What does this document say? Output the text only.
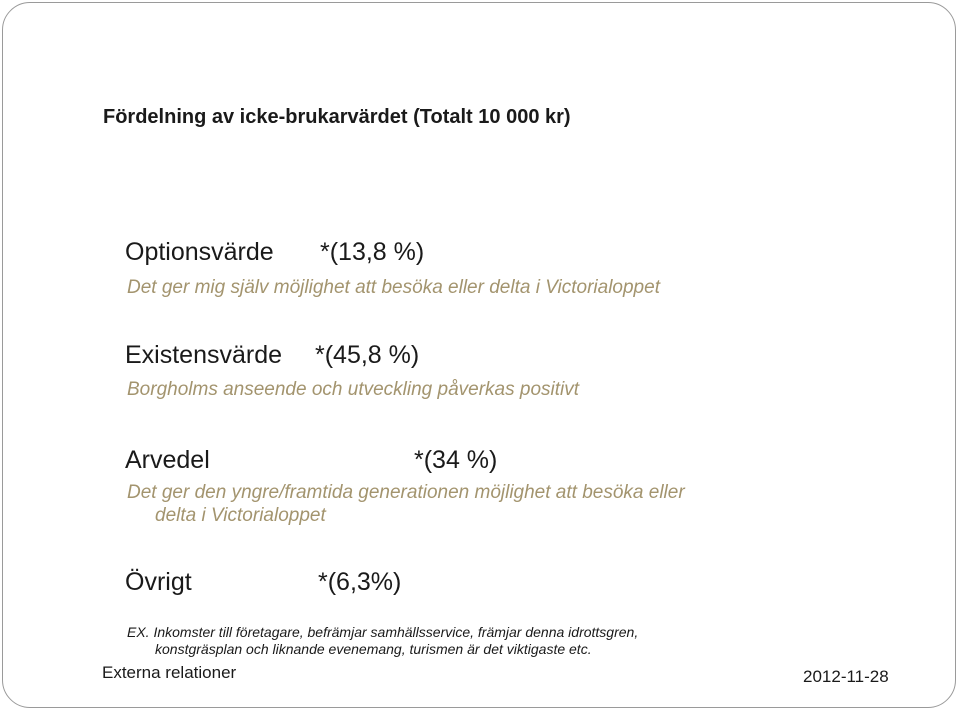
Fördelning av icke-brukarvärdet (Totalt 10 000 kr)
Optionsvärde *(13,8 %)
Det ger mig själv möjlighet att besöka eller delta i Victorialoppet
Existensvärde *(45,8 %)
Borgholms anseende och utveckling påverkas positivt
Arvedel	*(34 %)
Det ger den yngre/framtida generationen möjlighet att besöka eller
delta i Victorialoppet
Övrigt	*(6,3%)
EX. Inkomster till företagare, befrämjar samhällsservice, främjar denna idrottsgren,
konstgräsplan och liknande evenemang, turismen är det viktigaste etc.
Externa relationer	2012-11-28
